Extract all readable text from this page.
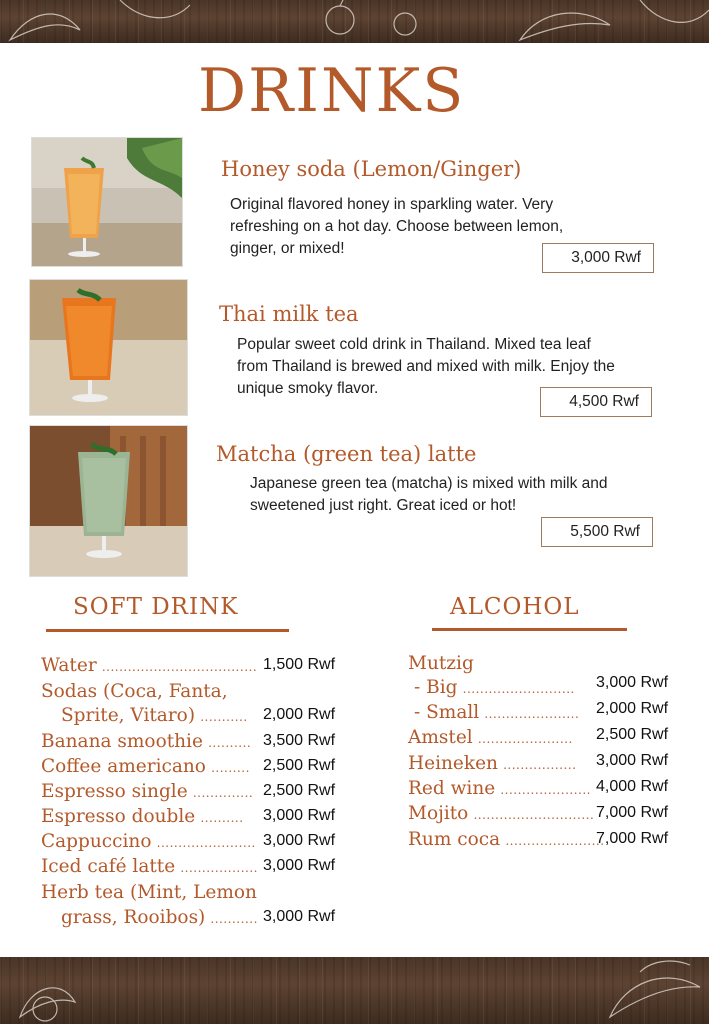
DRINKS
Honey soda (Lemon/Ginger)
Original flavored honey in sparkling water. Very refreshing on a hot day. Choose between lemon, ginger, or mixed!
3,000 Rwf
Thai milk tea
Popular sweet cold drink in Thailand. Mixed tea leaf from Thailand is brewed and mixed with milk. Enjoy the unique smoky flavor.
4,500 Rwf
Matcha (green tea) latte
Japanese green tea (matcha) is mixed with milk and sweetened just right. Great iced or hot!
5,500 Rwf
SOFT DRINK	ALCOHOL
Water .................................... 1,500 Rwf
Sodas (Coca, Fanta,
Sprite, Vitaro) ........... 2,000 Rwf
Banana smoothie .......... 3,500 Rwf
Coffee americano ......... 2,500 Rwf
Espresso single .............. 2,500 Rwf
Espresso double .......... 3,000 Rwf
Cappuccino ....................... 3,000 Rwf
Iced café latte .................. 3,000 Rwf
Herb tea (Mint, Lemon
grass, Rooibos) ........... 3,000 Rwf
Mutzig
- Big .......................... 3,000 Rwf
- Small ...................... 2,000 Rwf
Amstel ...................... 2,500 Rwf
Heineken ................. 3,000 Rwf
Red wine ..................... 4,000 Rwf
Mojito ............................ 7,000 Rwf
Rum coca .......................
7,000 Rwf
